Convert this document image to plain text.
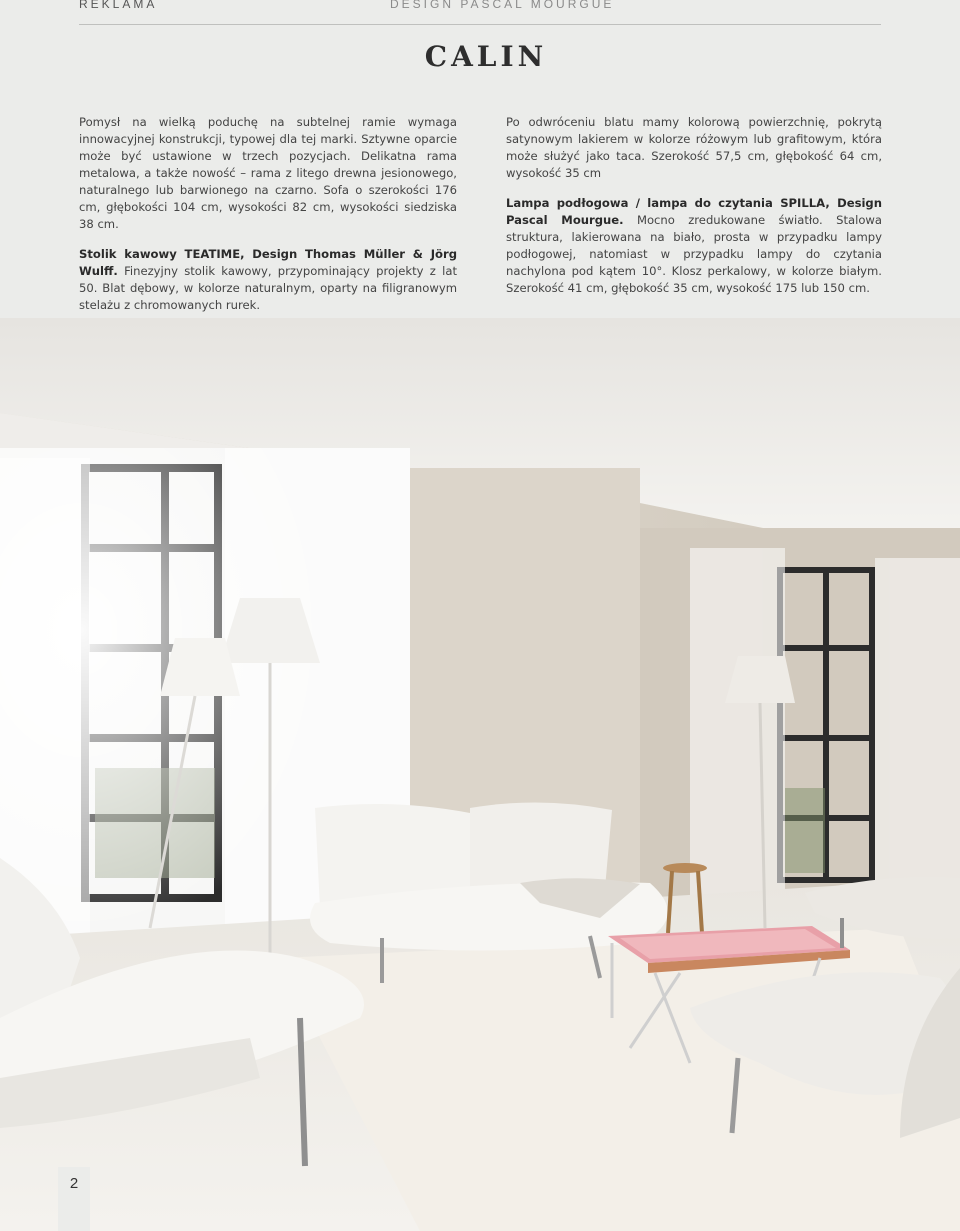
REKLAMA	DESIGN PASCAL MOURGUE
CALIN

Pomysł na wielką poduchę na subtelnej ramie wymaga innowacyjnej konstrukcji, typowej dla tej marki. Sztywne oparcie może być ustawione w trzech pozycjach. Delikatna rama metalowa, a także nowość – rama z litego drewna jesionowego, naturalnego lub barwionego na czarno. Sofa o szerokości 176 cm, głębokości 104 cm, wysokości 82 cm, wysokości siedziska 38 cm.

Stolik kawowy TEATIME, Design Thomas Müller & Jörg Wulff. Finezyjny stolik kawowy, przypominający projekty z lat 50. Blat dębowy, w kolorze naturalnym, oparty na filigranowym stelażu z chromowanych rurek.

Po odwróceniu blatu mamy kolorową powierzchnię, pokrytą satynowym lakierem w kolorze różowym lub grafitowym, która może służyć jako taca. Szerokość 57,5 cm, głębokość 64 cm, wysokość 35 cm

Lampa podłogowa / lampa do czytania SPILLA, Design Pascal Mourgue. Mocno zredukowane światło. Stalowa struktura, lakierowana na biało, prosta w przypadku lampy podłogowej, natomiast w przypadku lampy do czytania nachylona pod kątem 10°. Klosz perkalowy, w kolorze białym. Szerokość 41 cm, głębokość 35 cm, wysokość 175 lub 150 cm.

2
